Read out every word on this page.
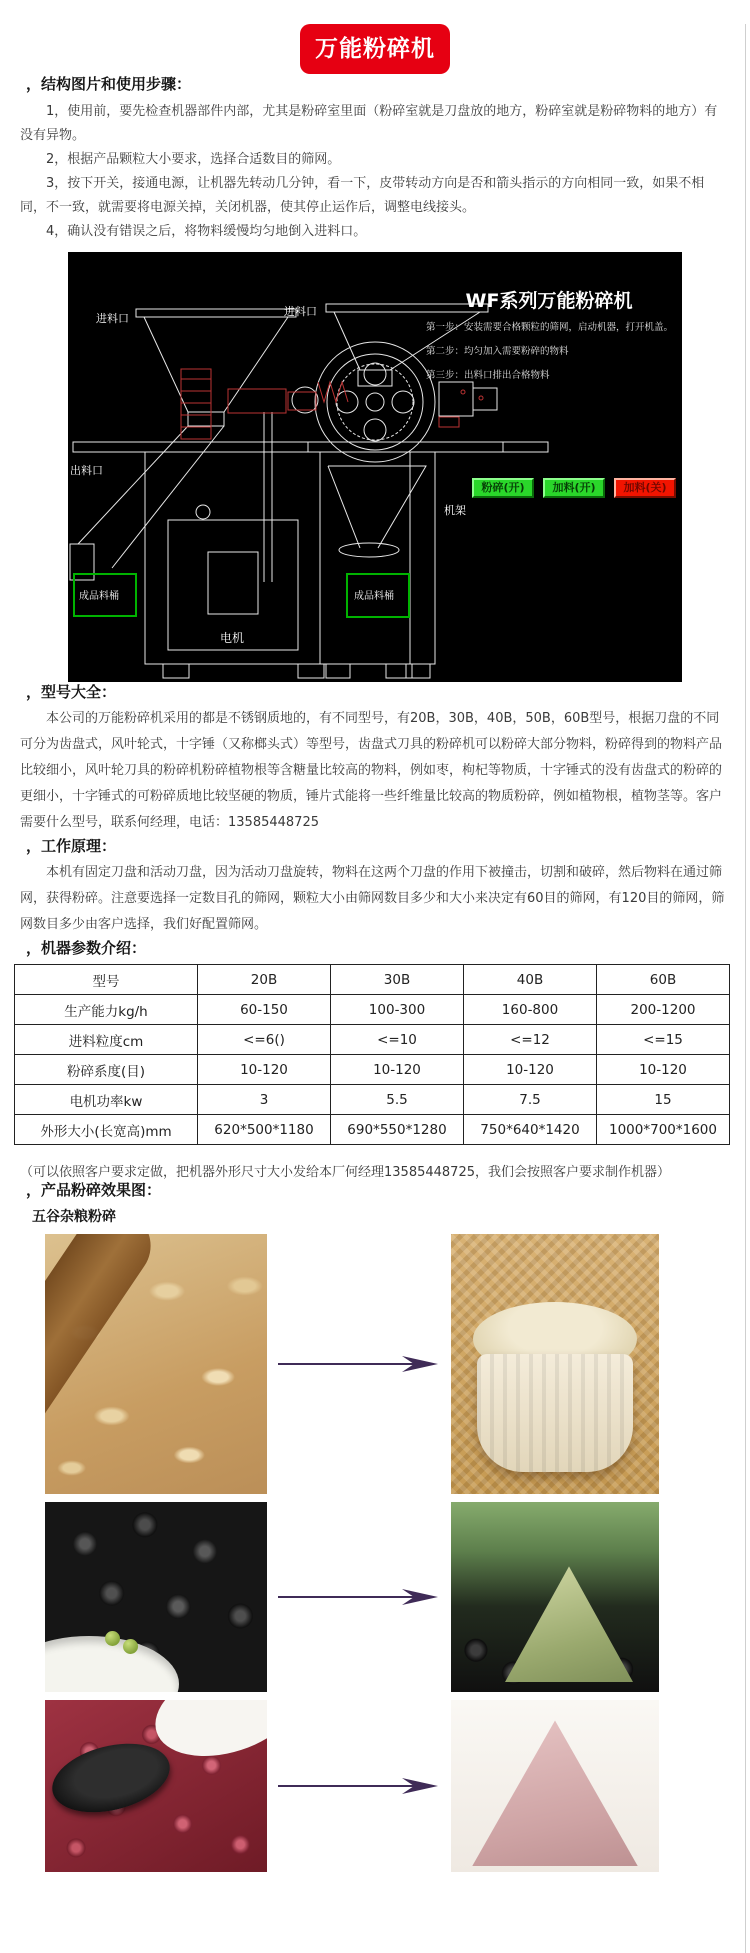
万能粉碎机
，结构图片和使用步骤：

1，使用前，要先检查机器部件内部，尤其是粉碎室里面（粉碎室就是刀盘放的地方，粉碎室就是粉碎物料的地方）有没有异物。

2，根据产品颗粒大小要求，选择合适数目的筛网。

3，按下开关，接通电源，让机器先转动几分钟，看一下，皮带转动方向是否和箭头指示的方向相同一致，如果不相同，不一致，就需要将电源关掉，关闭机器，使其停止运作后，调整电线接头。

4，确认没有错误之后，将物料缓慢均匀地倒入进料口。

进料口
进料口
出料口
电机
成品料桶	成品料桶
机架
WF系列万能粉碎机
第一步：安装需要合格颗粒的筛网，启动机器，打开机盖。
第二步：均匀加入需要粉碎的物料
第三步：出料口排出合格物料
粉碎(开)	加料(开)	加料(关)
，型号大全：

本公司的万能粉碎机采用的都是不锈钢质地的，有不同型号，有20B，30B，40B，50B，60B型号，根据刀盘的不同可分为齿盘式，风叶轮式，十字锤（又称榔头式）等型号，齿盘式刀具的粉碎机可以粉碎大部分物料，粉碎得到的物料产品比较细小，风叶轮刀具的粉碎机粉碎植物根等含糖量比较高的物料，例如枣，枸杞等物质，十字锤式的没有齿盘式的粉碎的更细小，十字锤式的可粉碎质地比较坚硬的物质，锤片式能将一些纤维量比较高的物质粉碎，例如植物根，植物茎等。客户需要什么型号，联系何经理，电话：13585448725

，工作原理：

本机有固定刀盘和活动刀盘，因为活动刀盘旋转，物料在这两个刀盘的作用下被撞击，切割和破碎，然后物料在通过筛网，获得粉碎。注意要选择一定数目孔的筛网，颗粒大小由筛网数目多少和大小来决定有60目的筛网，有120目的筛网，筛网数目多少由客户选择，我们好配置筛网。

，机器参数介绍：
型号	20B	30B	40B	60B
生产能力kg/h	60-150	100-300	160-800	200-1200
进料粒度cm	<=6()	<=10	<=12	<=15
粉碎系度(目)	10-120	10-120	10-120	10-120
电机功率kw	3	5.5	7.5	15
外形大小(长宽高)mm	620*500*1180	690*550*1280	750*640*1420	1000*700*1600

（可以依照客户要求定做，把机器外形尺寸大小发给本厂何经理13585448725，我们会按照客户要求制作机器）

，产品粉碎效果图：
五谷杂粮粉碎
